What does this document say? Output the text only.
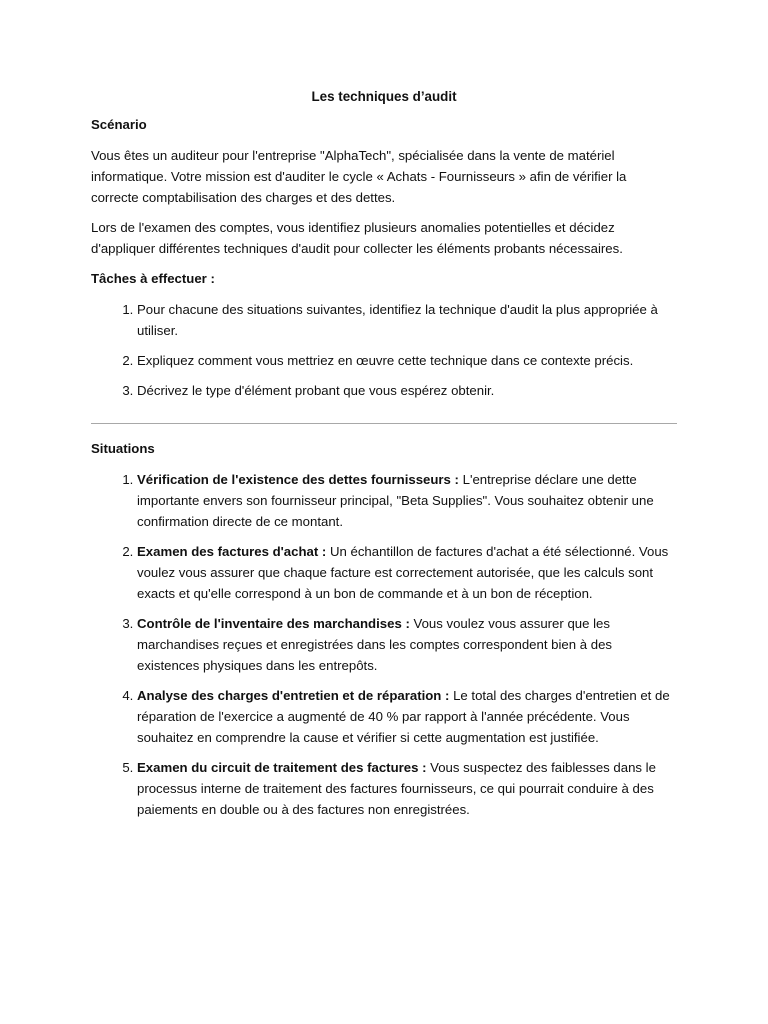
Les techniques d’audit
Scénario

Vous êtes un auditeur pour l'entreprise "AlphaTech", spécialisée dans la vente de matériel informatique. Votre mission est d'auditer le cycle « Achats - Fournisseurs » afin de vérifier la correcte comptabilisation des charges et des dettes.

Lors de l'examen des comptes, vous identifiez plusieurs anomalies potentielles et décidez d'appliquer différentes techniques d'audit pour collecter les éléments probants nécessaires.

Tâches à effectuer :
1. Pour chacune des situations suivantes, identifiez la technique d'audit la plus appropriée à utiliser.
2. Expliquez comment vous mettriez en œuvre cette technique dans ce contexte précis.
3. Décrivez le type d'élément probant que vous espérez obtenir.
Situations
1. Vérification de l'existence des dettes fournisseurs : L'entreprise déclare une dette importante envers son fournisseur principal, "Beta Supplies". Vous souhaitez obtenir une confirmation directe de ce montant.
2. Examen des factures d'achat : Un échantillon de factures d'achat a été sélectionné. Vous voulez vous assurer que chaque facture est correctement autorisée, que les calculs sont exacts et qu'elle correspond à un bon de commande et à un bon de réception.
3. Contrôle de l'inventaire des marchandises : Vous voulez vous assurer que les marchandises reçues et enregistrées dans les comptes correspondent bien à des existences physiques dans les entrepôts.
4. Analyse des charges d'entretien et de réparation : Le total des charges d'entretien et de réparation de l'exercice a augmenté de 40 % par rapport à l'année précédente. Vous souhaitez en comprendre la cause et vérifier si cette augmentation est justifiée.
5. Examen du circuit de traitement des factures : Vous suspectez des faiblesses dans le processus interne de traitement des factures fournisseurs, ce qui pourrait conduire à des paiements en double ou à des factures non enregistrées.
